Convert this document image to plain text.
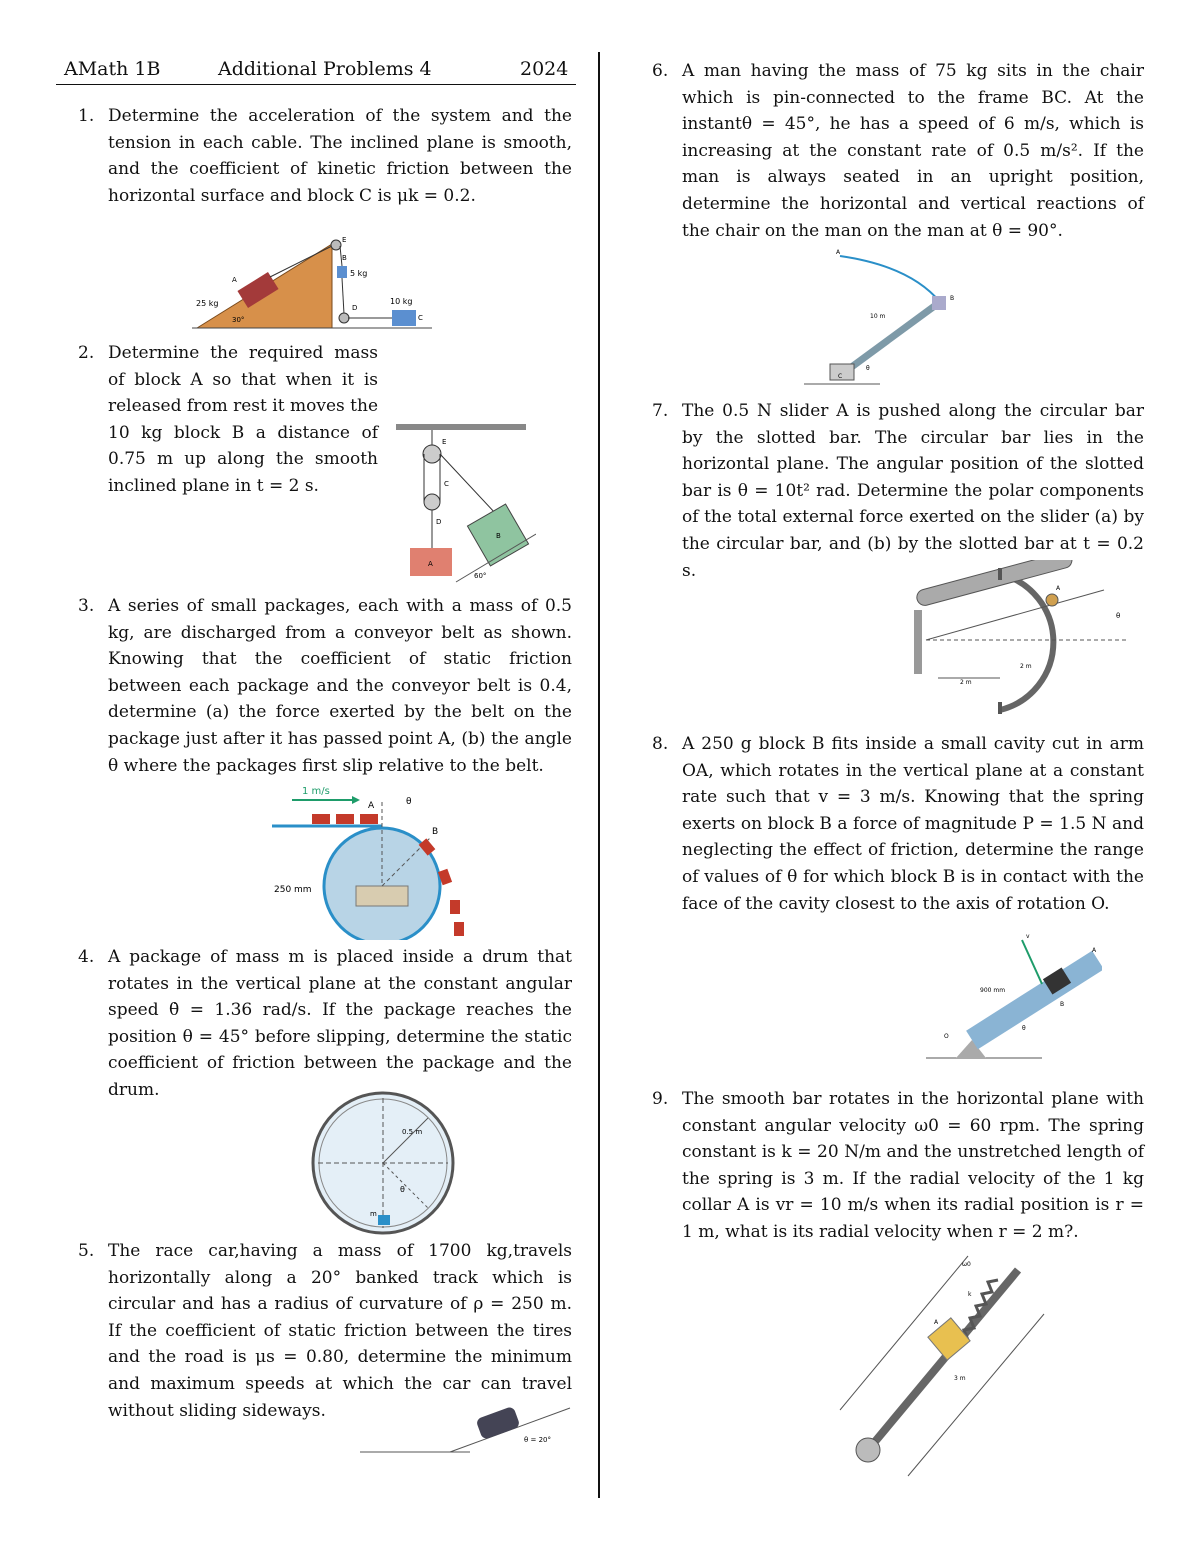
AMath 1B	Additional Problems 4	2024
1. Determine the acceleration of the system and the tension in each cable. The inclined plane is smooth, and the coefficient of kinetic friction between the horizontal surface and block C is μk = 0.2.

25 kg
30°
5 kg
10 kg
A
B
C
D
E
2. Determine the required mass of block A so that when it is released from rest it moves the 10 kg block B a distance of 0.75 m up along the smooth inclined plane in t = 2 s.

E
C
D
A
B
60°
3. A series of small packages, each with a mass of 0.5 kg, are discharged from a conveyor belt as shown. Knowing that the coefficient of static friction between each package and the conveyor belt is 0.4, determine (a) the force exerted by the belt on the package just after it has passed point A, (b) the angle θ where the packages first slip relative to the belt.

1 m/s
250 mm
A
B
θ
4. A package of mass m is placed inside a drum that rotates in the vertical plane at the constant angular speed θ̇ = 1.36 rad/s. If the package reaches the position θ = 45° before slipping, determine the static coefficient of friction between the package and the drum.

0.5 m
θ
m
5. The race car,having a mass of 1700 kg,travels horizontally along a 20° banked track which is circular and has a radius of curvature of ρ = 250 m. If the coefficient of static friction between the tires and the road is μs = 0.80, determine the minimum and maximum speeds at which the car can travel without sliding sideways.

θ = 20°
6. A man having the mass of 75 kg sits in the chair which is pin-connected to the frame BC. At the instantθ = 45°, he has a speed of 6 m/s, which is increasing at the constant rate of 0.5 m/s². If the man is always seated in an upright position, determine the horizontal and vertical reactions of the chair on the man on the man at θ = 90°.

10 m
B
C
θ
A
7. The 0.5 N slider A is pushed along the circular bar by the slotted bar. The circular bar lies in the horizontal plane. The angular position of the slotted bar is θ = 10t² rad. Determine the polar components of the total external force exerted on the slider (a) by the circular bar, and (b) by the slotted bar at t = 0.2 s.

A
θ
2 m
2 m
8. A 250 g block B fits inside a small cavity cut in arm OA, which rotates in the vertical plane at a constant rate such that v = 3 m/s. Knowing that the spring exerts on block B a force of magnitude P = 1.5 N and neglecting the effect of friction, determine the range of values of θ for which block B is in contact with the face of the cavity closest to the axis of rotation O.

900 mm
v
A
B
O
θ
9. The smooth bar rotates in the horizontal plane with constant angular velocity ω0 = 60 rpm. The spring constant is k = 20 N/m and the unstretched length of the spring is 3 m. If the radial velocity of the 1 kg collar A is vr = 10 m/s when its radial position is r = 1 m, what is its radial velocity when r = 2 m?.

ω0
k
A
3 m
